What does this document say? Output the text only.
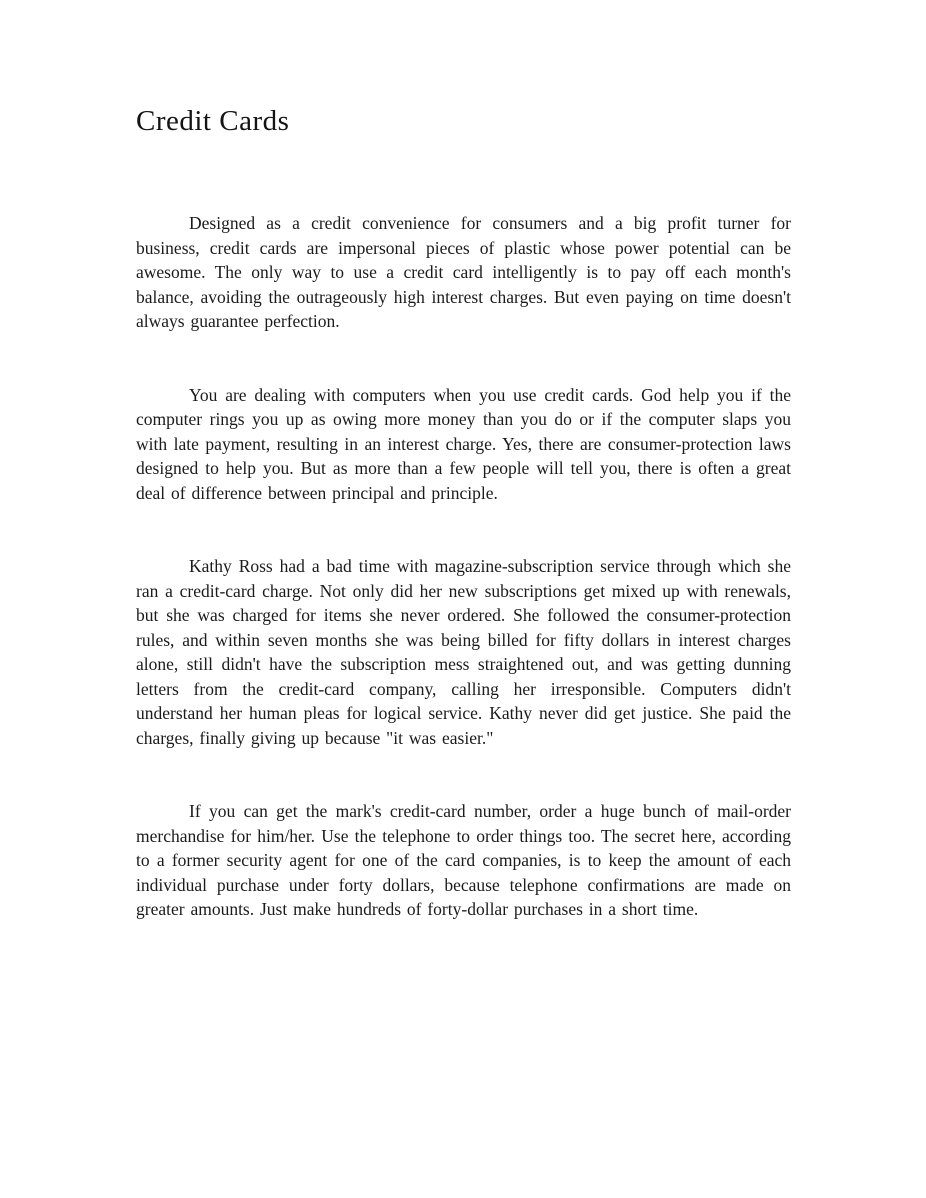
Credit Cards

Designed as a credit convenience for consumers and a big profit turner for business, credit cards are impersonal pieces of plastic whose power potential can be awesome. The only way to use a credit card intelligently is to pay off each month's balance, avoiding the outrageously high interest charges. But even paying on time doesn't always guarantee perfection.

You are dealing with computers when you use credit cards. God help you if the computer rings you up as owing more money than you do or if the computer slaps you with late payment, resulting in an interest charge. Yes, there are consumer-protection laws designed to help you. But as more than a few people will tell you, there is often a great deal of difference between principal and principle.

Kathy Ross had a bad time with magazine-subscription service through which she ran a credit-card charge. Not only did her new subscriptions get mixed up with renewals, but she was charged for items she never ordered. She followed the consumer-protection rules, and within seven months she was being billed for fifty dollars in interest charges alone, still didn't have the subscription mess straightened out, and was getting dunning letters from the credit-card company, calling her irresponsible. Computers didn't understand her human pleas for logical service. Kathy never did get justice. She paid the charges, finally giving up because "it was easier."

If you can get the mark's credit-card number, order a huge bunch of mail-order merchandise for him/her. Use the telephone to order things too. The secret here, according to a former security agent for one of the card companies, is to keep the amount of each individual purchase under forty dollars, because telephone confirmations are made on greater amounts. Just make hundreds of forty-dollar purchases in a short time.
